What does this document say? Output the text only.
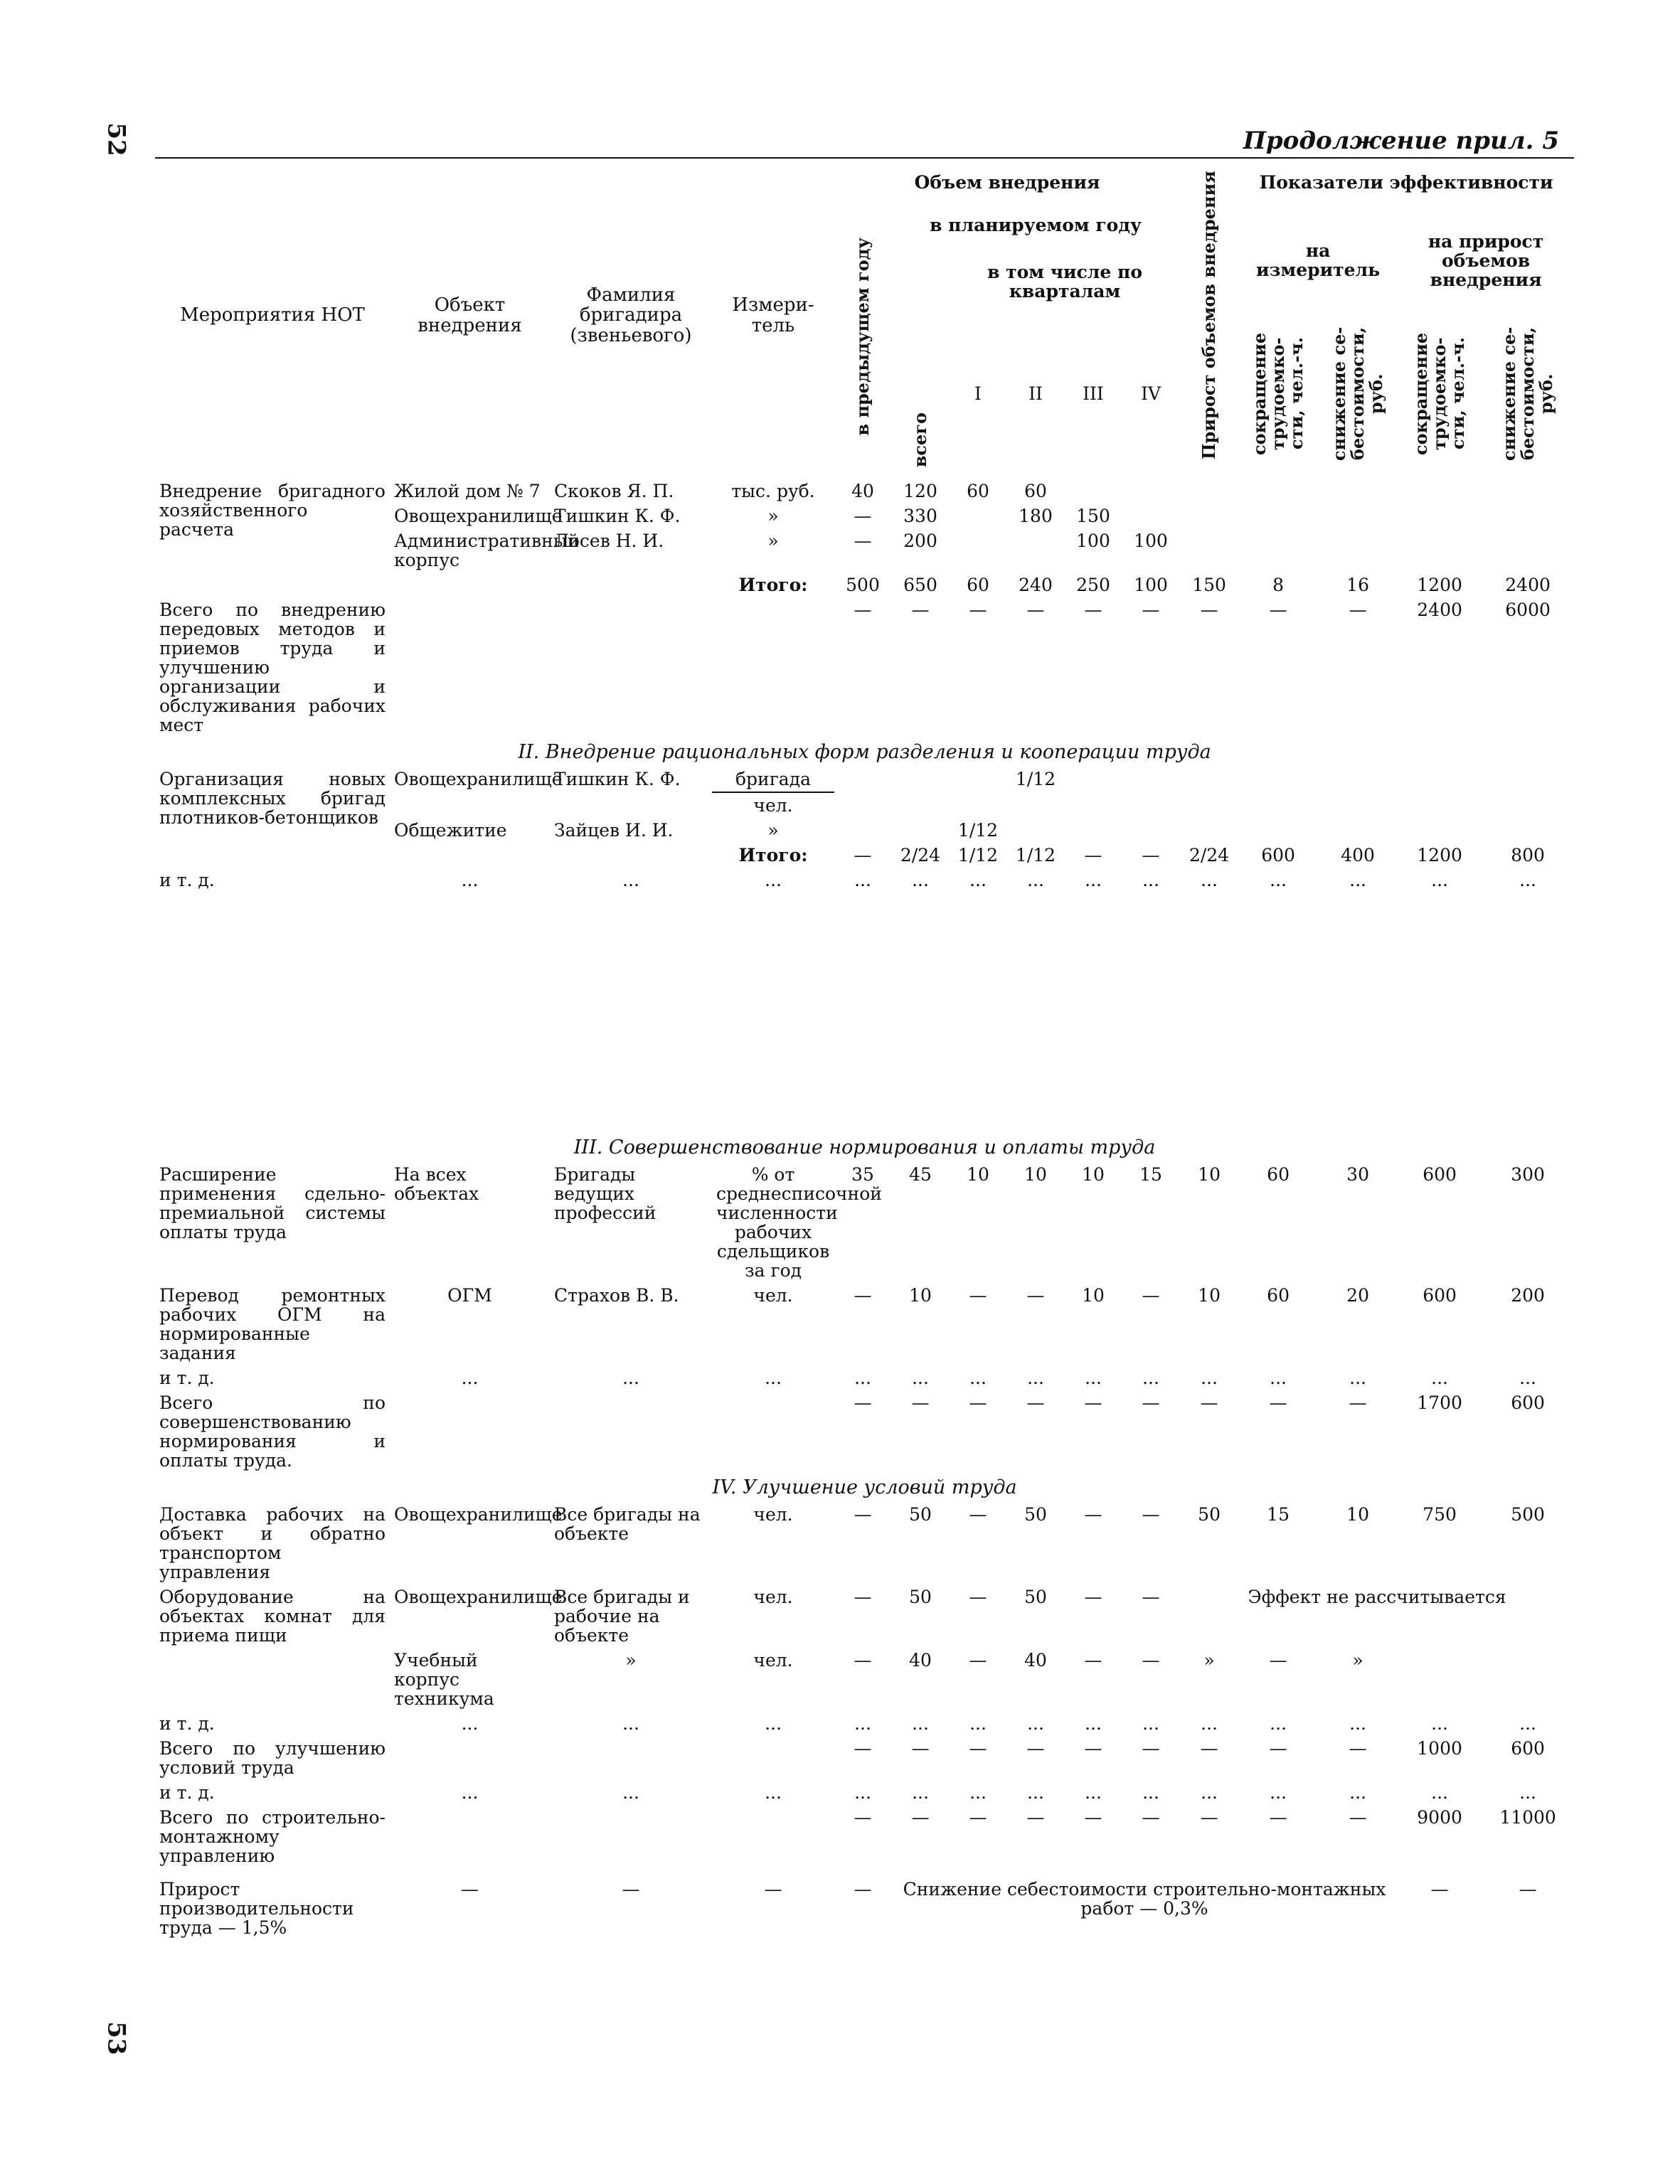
52	Продолжение прил. 5
Мероприятия НОТ	Объект внедрения	Фамилия бригадира (звеньевого)	Измери-тель	Объем внедрения						Прирост объемов внедрения	Показатели эффективности			

				в предыдущем году	в планируемом году						на измеритель		на прирост объемов внедрения	

					всего	в том числе по кварталам								
						I	II	III	IV		сокращение трудоемко-сти, чел.-ч.	снижение се-бестоимости, руб.	сокращение трудоемко-сти, чел.-ч.	снижение се-бестоимости, руб.

Внедрение бригадного хозяйственного расчета	Жилой дом № 7	Скоков Я. П.	тыс. руб.	40	120	60	60							
	Овощехранилище	Тишкин К. Ф.	»	—	330		180	150						
	Административный корпус	Лосев Н. И.	»	—	200			100	100					
			Итого:	500	650	60	240	250	100	150	8	16	1200	2400
Всего по внедрению передовых методов и приемов труда и улучшению организации и обслуживания рабочих мест				—	—	—	—	—	—	—	—	—	2400	6000
II. Внедрение рациональных форм разделения и кооперации труда														
Организация новых комплексных бригад плотников-бетонщиков	Овощехранилище	Тишкин К. Ф.	бригада				1/12							
			чел.											
	Общежитие	Зайцев И. И.	»			1/12								
			Итого:	—	2/24	1/12	1/12	—	—	2/24	600	400	1200	800
и т. д.	...	...	...	...	...	...	...	...	...	...	...	...	...	...

III. Совершенствование нормирования и оплаты труда														
Расширение применения сдельно-премиальной системы оплаты труда	На всех объектах	Бригады ведущих профессий	% от среднесписочной численности рабочих сдельщиков за год	35	45	10	10	10	15	10	60	30	600	300
Перевод ремонтных рабочих ОГМ на нормированные задания	ОГМ	Страхов В. В.	чел.	—	10	—	—	10	—	10	60	20	600	200
и т. д.	...	...	...	...	...	...	...	...	...	...	...	...	...	...
Всего по совершенствованию нормирования и оплаты труда.				—	—	—	—	—	—	—	—	—	1700	600
IV. Улучшение условий труда														
Доставка рабочих на объект и обратно транспортом управления	Овощехранилище	Все бригады на объекте	чел.	—	50	—	50	—	—	50	15	10	750	500
Оборудование на объектах комнат для приема пищи	Овощехранилище	Все бригады и рабочие на объекте	чел.	—	50	—	50	—	—	Эффект не рассчитывается				
	Учебный корпус техникума	»	чел.	—	40	—	40	—	—	»	—	»		
и т. д.	...	...	...	...	...	...	...	...	...	...	...	...	...	...
Всего по улучшению условий труда				—	—	—	—	—	—	—	—	—	1000	600
и т. д.	...	...	...	...	...	...	...	...	...	...	...	...	...	...
Всего по строительно-монтажному управлению				—	—	—	—	—	—	—	—	—	9000	11000

Прирост производительности труда — 1,5%	—	—	—	—	Снижение себестоимости строительно-монтажных работ — 0,3%								—	—
53
